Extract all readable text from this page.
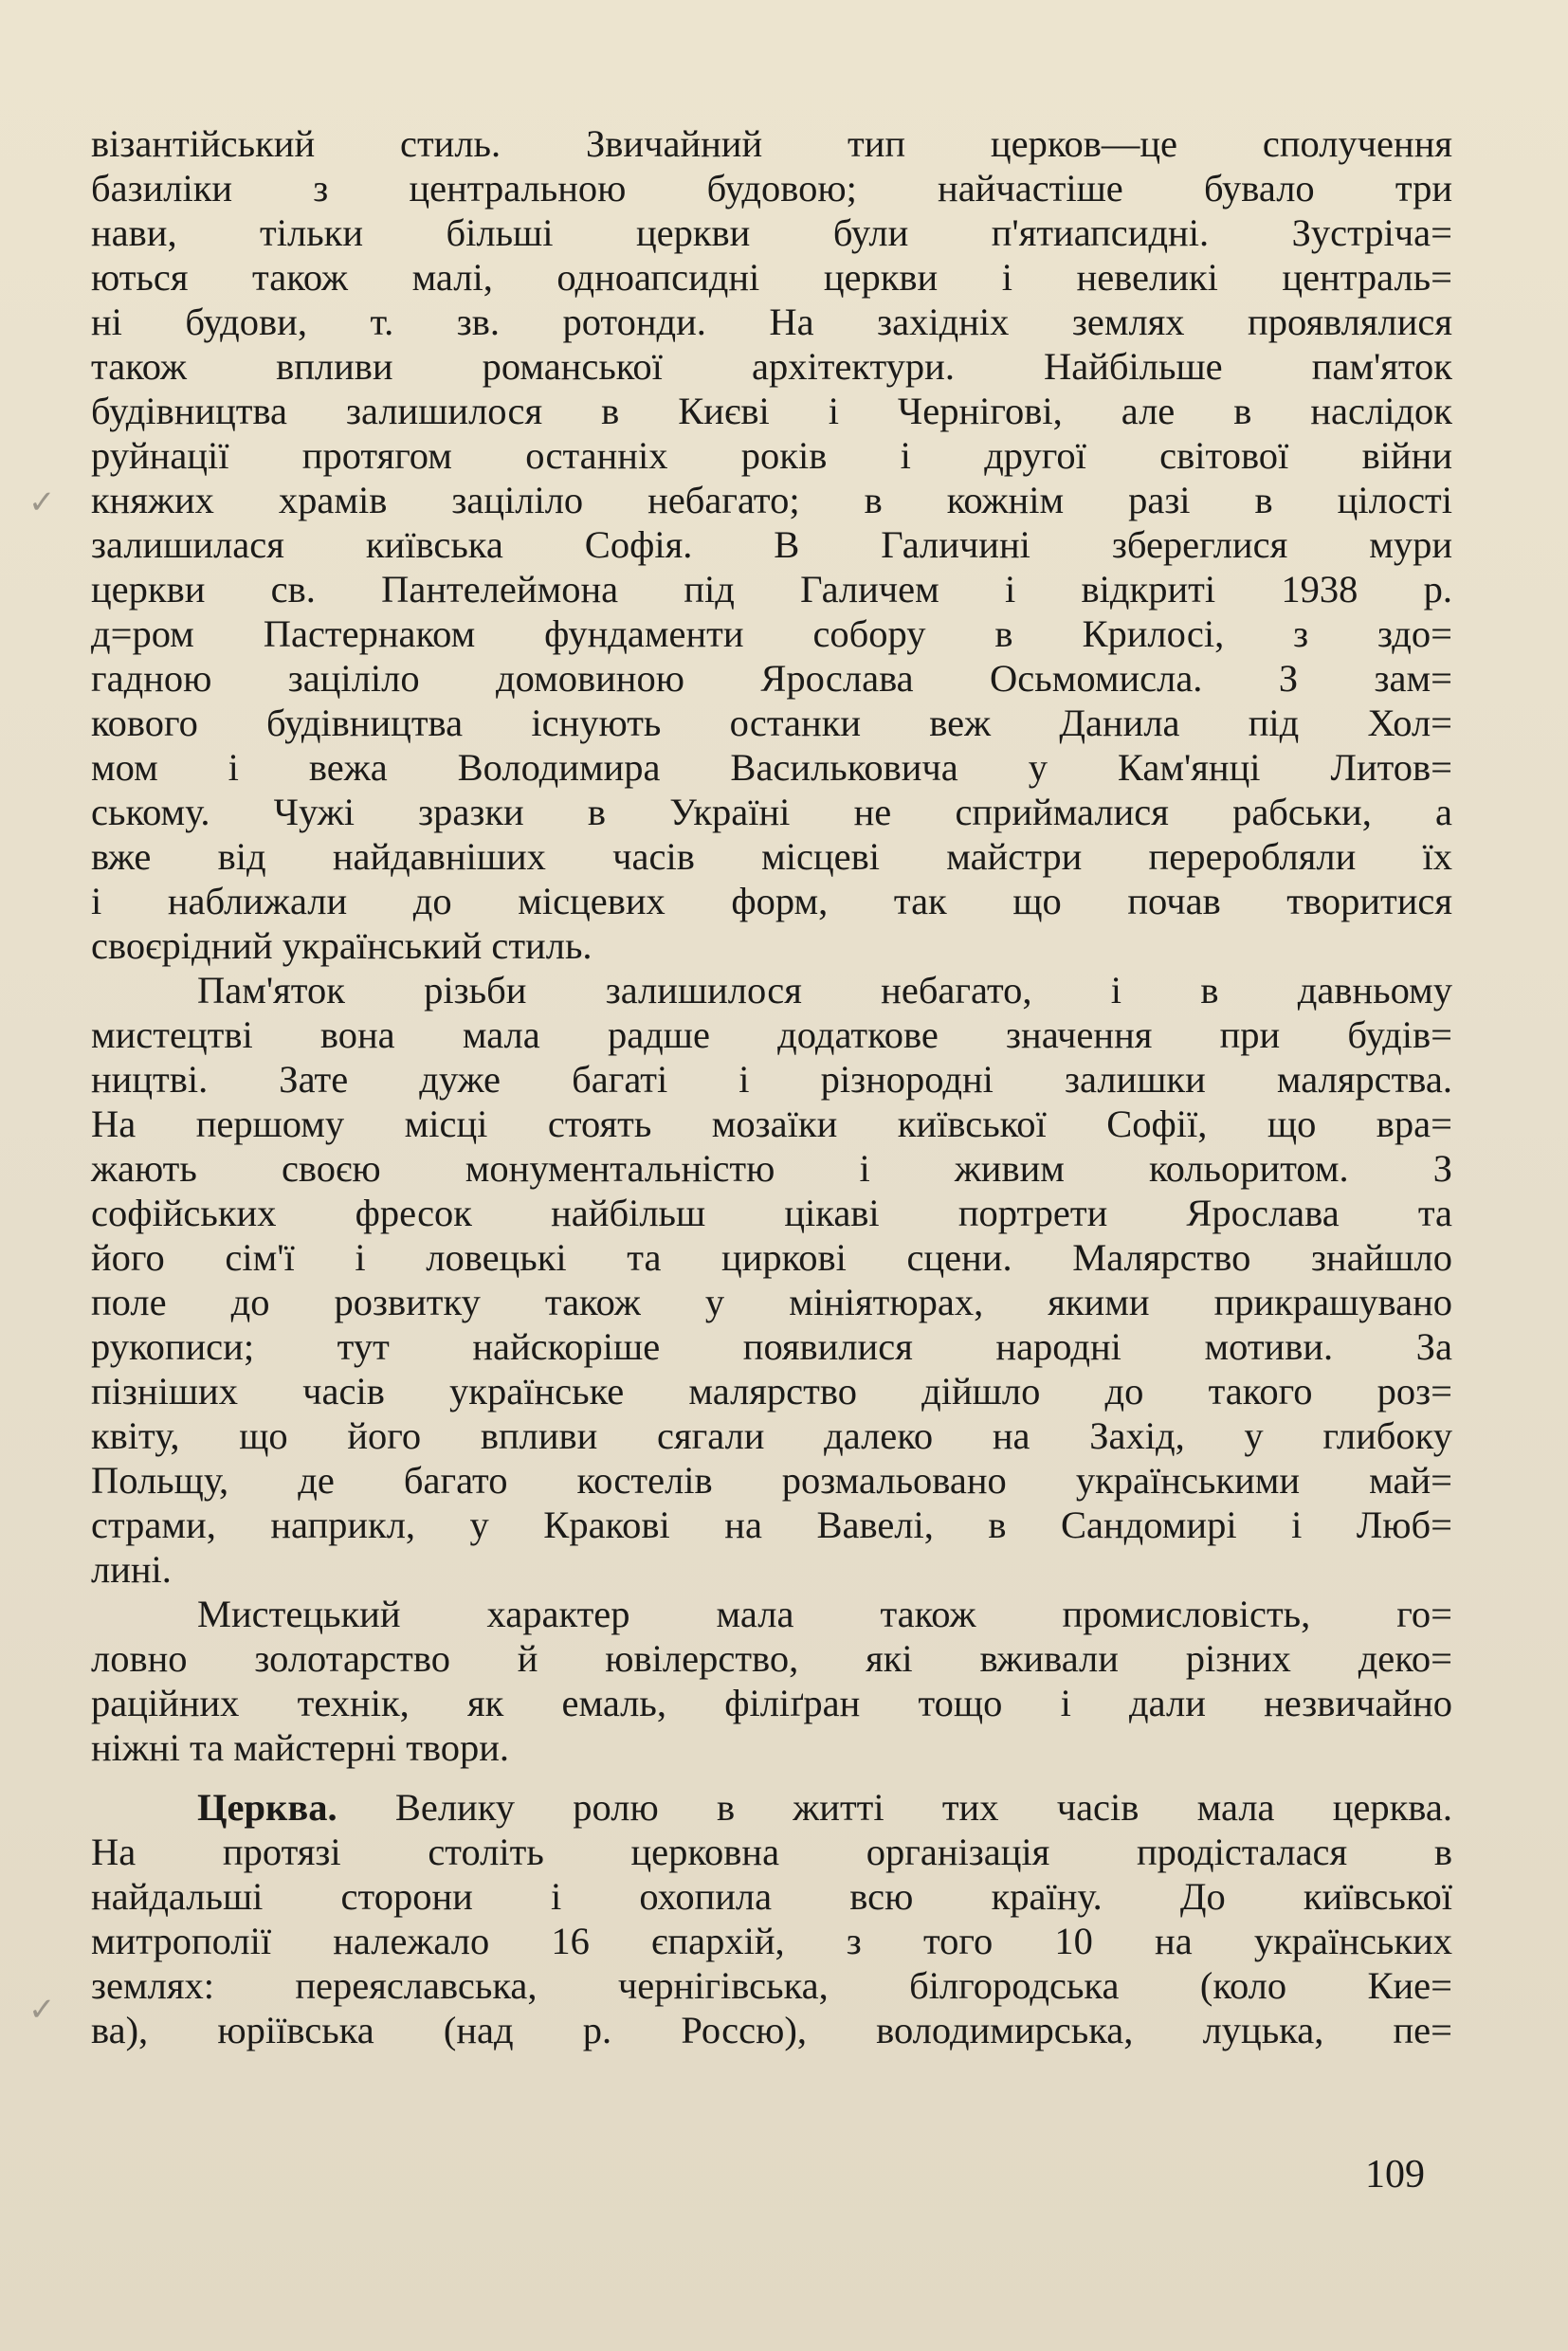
візантійський стиль. Звичайний тип церков—це сполучення
базиліки з центральною будовою; найчастіше бувало три
нави, тільки більші церкви були п'ятиапсидні. Зустріча=
ються також малі, одноапсидні церкви і невеликі централь=
ні будови, т. зв. ротонди. На західніх землях проявлялися
також впливи романської архітектури. Найбільше пам'яток
будівництва залишилося в Києві і Чернігові, але в наслідок
руйнації протягом останніх років і другої світової війни
княжих храмів заціліло небагато; в кожнім разі в цілості
залишилася київська Софія. В Галичині збереглися мури
церкви св. Пантелеймона під Галичем і відкриті 1938 р.
д=ром Пастернаком фундаменти собору в Крилосі, з здо=
гадною заціліло домовиною Ярослава Осьмомисла. З зам=
кового будівництва існують останки веж Данила під Хол=
мом і вежа Володимира Васильковича у Кам'янці Литов=
ському. Чужі зразки в Україні не сприймалися рабськи, а
вже від найдавніших часів місцеві майстри переробляли їх
і наближали до місцевих форм, так що почав творитися
своєрідний український стиль.
Пам'яток різьби залишилося небагато, і в давньому
мистецтві вона мала радше додаткове значення при будів=
ництві. Зате дуже багаті і різнородні залишки малярства.
На першому місці стоять мозаїки київської Софії, що вра=
жають своєю монументальністю і живим кольоритом. З
софійських фресок найбільш цікаві портрети Ярослава та
його сім'ї і ловецькі та циркові сцени. Малярство знайшло
поле до розвитку також у мініятюрах, якими прикрашувано
рукописи; тут найскоріше появилися народні мотиви. За
пізніших часів українське малярство дійшло до такого роз=
квіту, що його впливи сягали далеко на Захід, у глибоку
Польщу, де багато костелів розмальовано українськими май=
страми, наприкл, у Кракові на Вавелі, в Сандомирі і Люб=
лині.
Мистецький характер мала також промисловість, го=
ловно золотарство й ювілерство, які вживали різних деко=
раційних технік, як емаль, філіґран тощо і дали незвичайно
ніжні та майстерні твори.
Церква. Велику ролю в житті тих часів мала церква.
На протязі століть церковна організація продісталася в
найдальші сторони і охопила всю країну. До київської
митрополії належало 16 єпархій, з того 10 на українських
землях: переяславська, чернігівська, білгородська (коло Кие=
ва), юріївська (над р. Россю), володимирська, луцька, пе=
✓
✓
109
